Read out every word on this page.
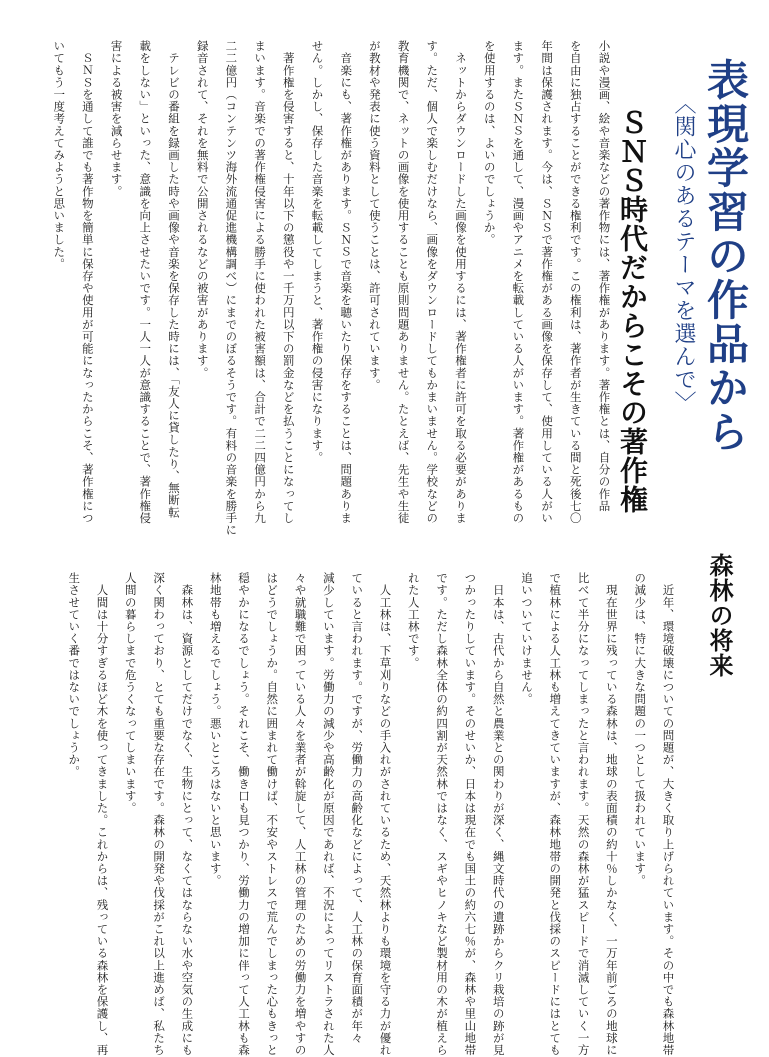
表現学習の作品から
〈関心のあるテーマを選んで〉
ＳＮＳ時代だからこその著作権
小説や漫画、絵や音楽などの著作物には、著作権があります。著作権とは、自分の作品
を自由に独占することができる権利です。この権利は、著作者が生きている間と死後七〇
年間は保護されます。今は、ＳＮＳで著作権がある画像を保存して、使用している人がい
ます。またＳＮＳを通して、漫画やアニメを転載している人がいます。著作権があるもの
を使用するのは、よいのでしょうか。
　ネットからダウンロードした画像を使用するには、著作権者に許可を取る必要がありま
す。ただ、個人で楽しむだけなら、画像をダウンロードしてもかまいません。学校などの
教育機関で、ネットの画像を使用することも原則問題ありません。たとえば、先生や生徒
が教材や発表に使う資料として使うことは、許可されています。
　音楽にも、著作権があります。ＳＮＳで音楽を聴いたり保存をすることは、問題ありま
せん。しかし、保存した音楽を転載してしまうと、著作権の侵害になります。
　著作権を侵害すると、十年以下の懲役や一千万円以下の罰金などを払うことになってし
まいます。音楽での著作権侵害による勝手に使われた被害額は、合計で二二四億円から九
二二億円（コンテンツ海外流通促進機構調べ）にまでのぼるそうです。有料の音楽を勝手に
録音されて、それを無料で公開されるなどの被害があります。
　テレビの番組を録画した時や画像や音楽を保存した時には、「友人に貸したり、無断転
載をしない」といった、意識を向上させたいです。一人一人が意識することで、著作権侵
害による被害を減らせます。
　ＳＮＳを通して誰でも著作物を簡単に保存や使用が可能になったからこそ、著作権につ
いてもう一度考えてみようと思いました。
森林の将来
　近年、環境破壊についての問題が、大きく取り上げられています。その中でも森林地帯
の減少は、特に大きな問題の一つとして扱われています。
　現在世界に残っている森林は、地球の表面積の約十％しかなく、一万年前ごろの地球に
比べて半分になってしまったと言われます。天然の森林が猛スピードで消滅していく一方
で植林による人工林も増えてきていますが、森林地帯の開発と伐採のスピードにはとても
追いついていけません。
　日本は、古代から自然と農業との関わりが深く、縄文時代の遺跡からクリ栽培の跡が見
つかったりしています。そのせいか、日本は現在でも国土の約六七％が、森林や里山地帯
です。ただし森林全体の約四割が天然林ではなく、スギやヒノキなど製材用の木が植えら
れた人工林です。
　人工林は、下草刈りなどの手入れがされているため、天然林よりも環境を守る力が優れ
ていると言われます。ですが、労働力の高齢化などによって、人工林の保育面積が年々
減少しています。労働力の減少や高齢化が原因であれば、不況によってリストラされた人
々や就職難で困っている人々を業者が斡旋して、人工林の管理のための労働力を増やすの
はどうでしょうか。自然に囲まれて働けば、不安やストレスで荒んでしまった心もきっと
穏やかになるでしょう。それこそ、働き口も見つかり、労働力の増加に伴って人工林も森
林地帯も増えるでしょう。悪いところはないと思います。
　森林は、資源としてだけでなく、生物にとって、なくてはならない水や空気の生成にも
深く関わっており、とても重要な存在です。森林の開発や伐採がこれ以上進めば、私たち
人間の暮らしまで危うくなってしまいます。
　人間は十分すぎるほど木を使ってきました。これからは、残っている森林を保護し、再
生させていく番ではないでしょうか。
